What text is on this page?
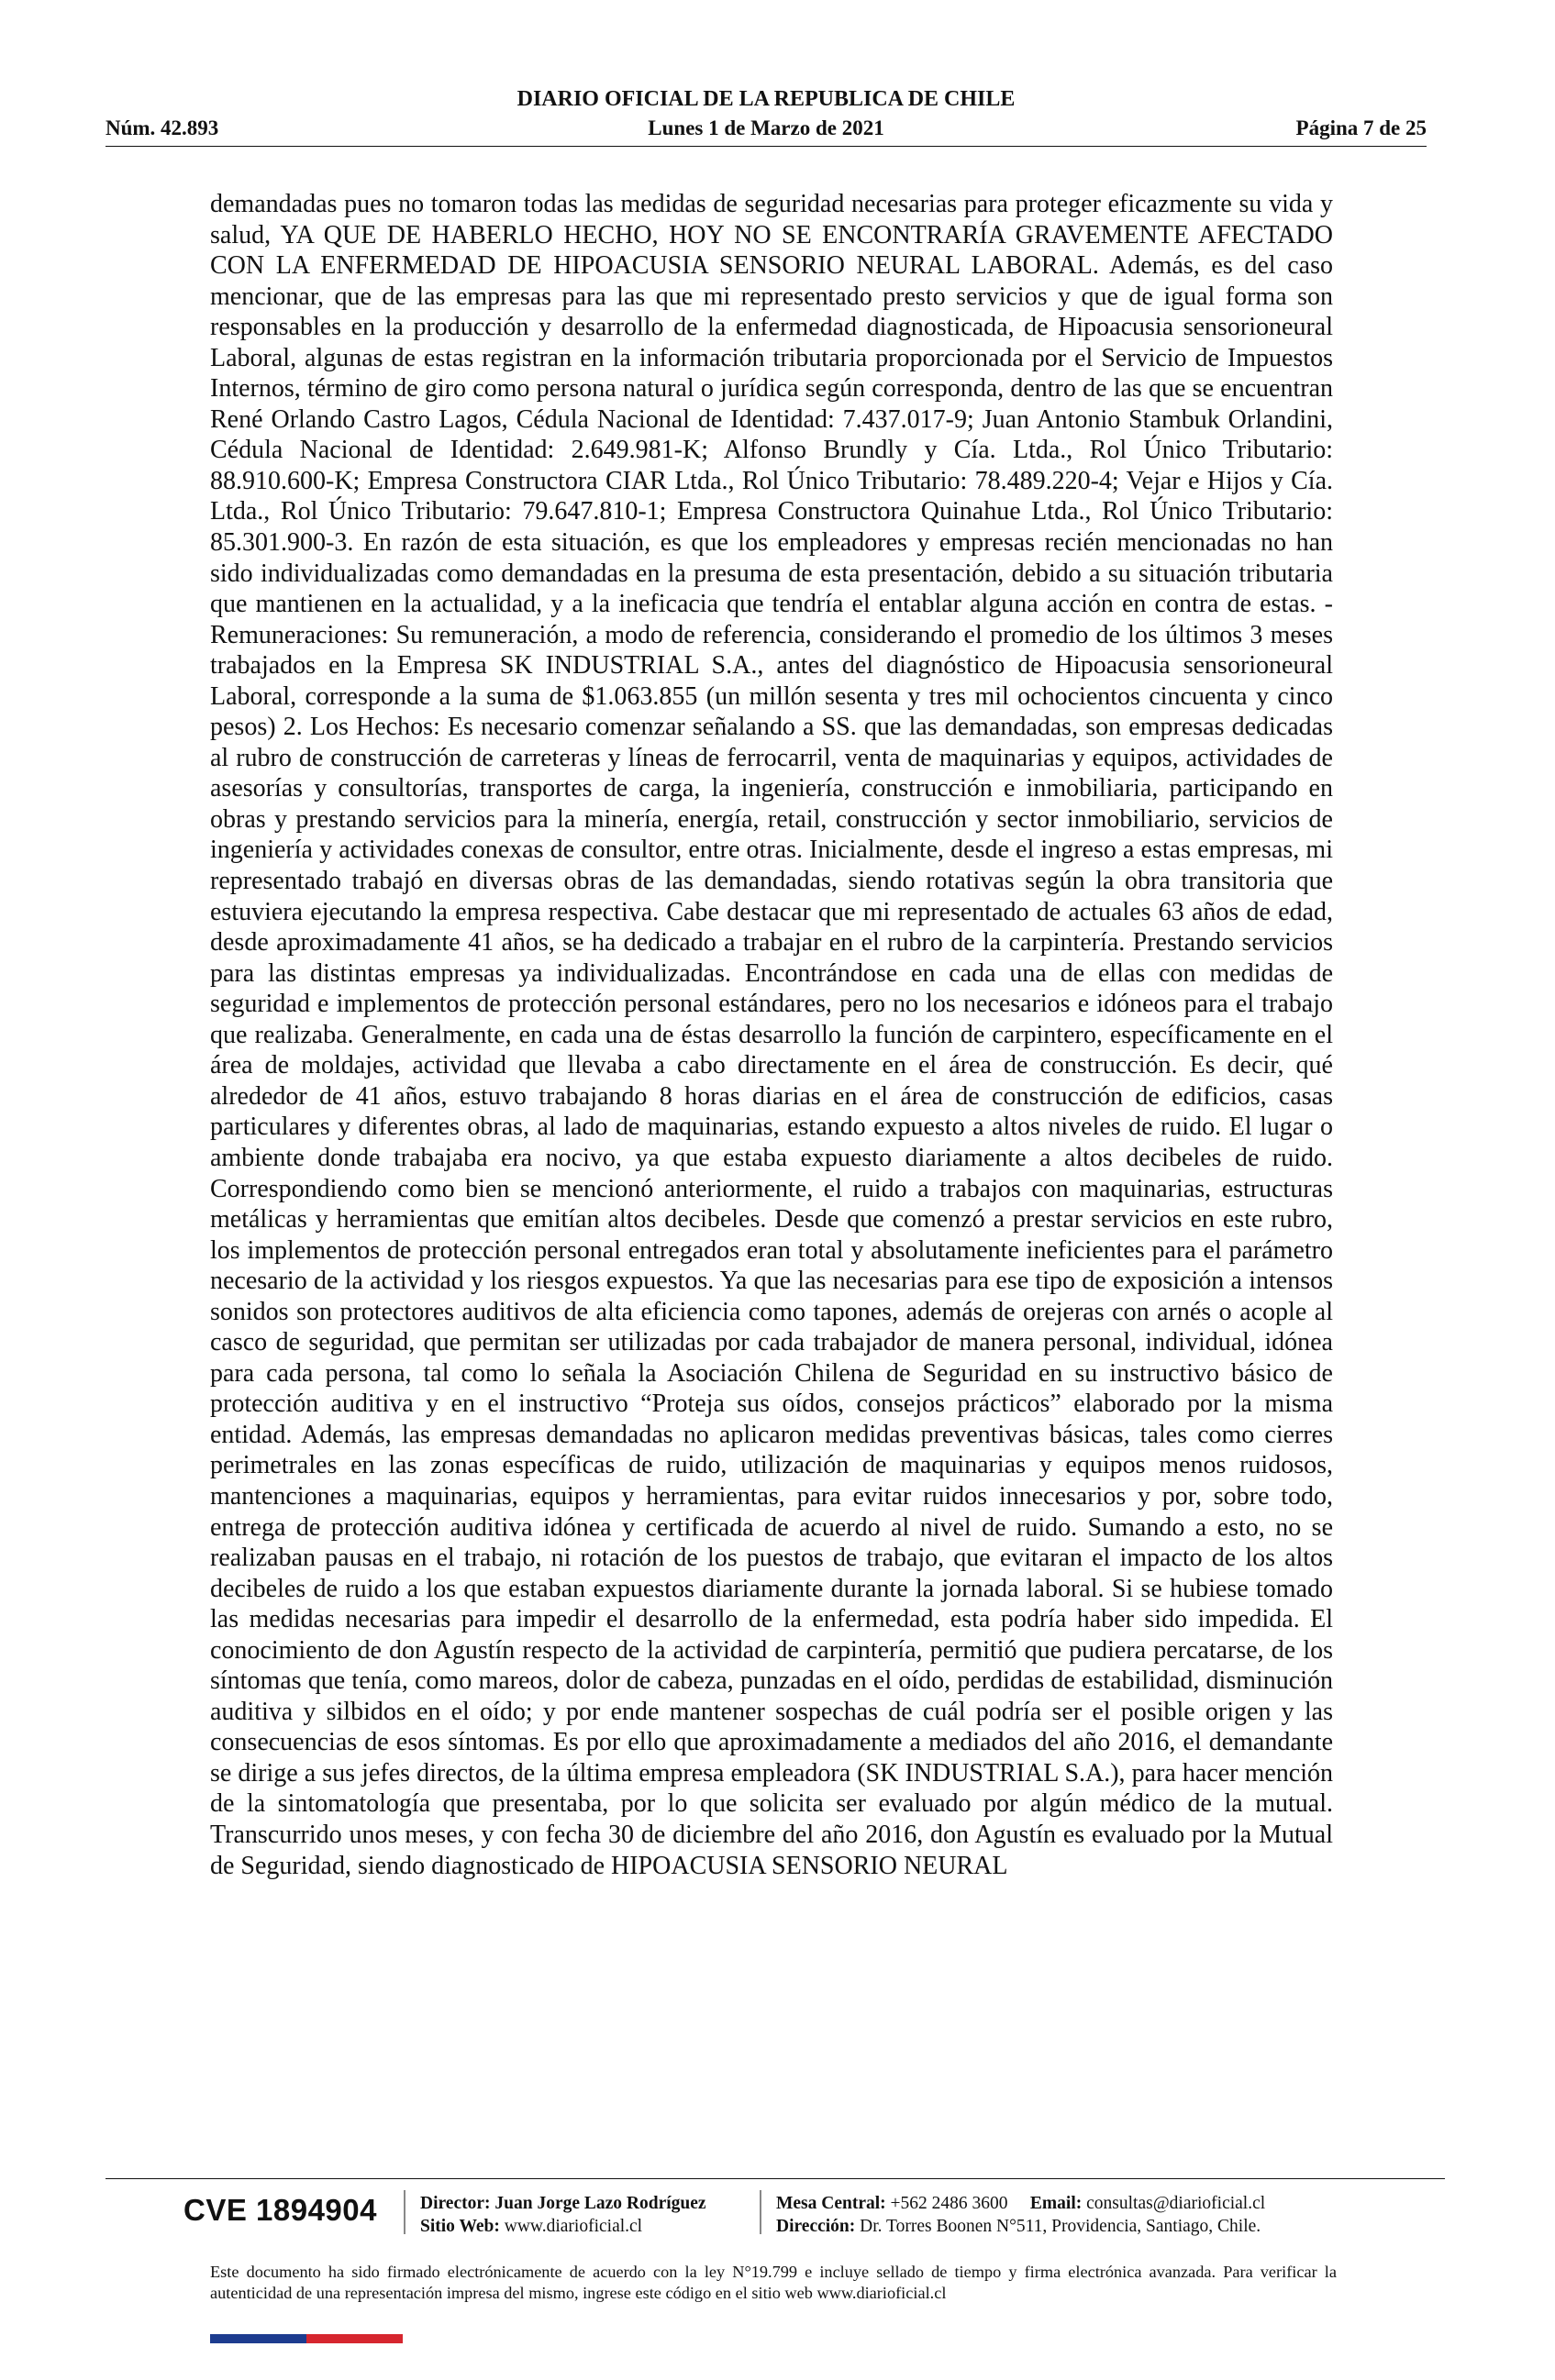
DIARIO OFICIAL DE LA REPUBLICA DE CHILE
Núm. 42.893	Lunes 1 de Marzo de 2021	Página 7 de 25

demandadas pues no tomaron todas las medidas de seguridad necesarias para proteger eficazmente su vida y salud, YA QUE DE HABERLO HECHO, HOY NO SE ENCONTRARÍA GRAVEMENTE AFECTADO CON LA ENFERMEDAD DE HIPOACUSIA SENSORIO NEURAL LABORAL. Además, es del caso mencionar, que de las empresas para las que mi representado presto servicios y que de igual forma son responsables en la producción y desarrollo de la enfermedad diagnosticada, de Hipoacusia sensorioneural Laboral, algunas de estas registran en la información tributaria proporcionada por el Servicio de Impuestos Internos, término de giro como persona natural o jurídica según corresponda, dentro de las que se encuentran René Orlando Castro Lagos, Cédula Nacional de Identidad: 7.437.017-9; Juan Antonio Stambuk Orlandini, Cédula Nacional de Identidad: 2.649.981-K; Alfonso Brundly y Cía. Ltda., Rol Único Tributario: 88.910.600-K; Empresa Constructora CIAR Ltda., Rol Único Tributario: 78.489.220-4; Vejar e Hijos y Cía. Ltda., Rol Único Tributario: 79.647.810-1; Empresa Constructora Quinahue Ltda., Rol Único Tributario: 85.301.900-3. En razón de esta situación, es que los empleadores y empresas recién mencionadas no han sido individualizadas como demandadas en la presuma de esta presentación, debido a su situación tributaria que mantienen en la actualidad, y a la ineficacia que tendría el entablar alguna acción en contra de estas. - Remuneraciones: Su remuneración, a modo de referencia, considerando el promedio de los últimos 3 meses trabajados en la Empresa SK INDUSTRIAL S.A., antes del diagnóstico de Hipoacusia sensorioneural Laboral, corresponde a la suma de $1.063.855 (un millón sesenta y tres mil ochocientos cincuenta y cinco pesos) 2. Los Hechos: Es necesario comenzar señalando a SS. que las demandadas, son empresas dedicadas al rubro de construcción de carreteras y líneas de ferrocarril, venta de maquinarias y equipos, actividades de asesorías y consultorías, transportes de carga, la ingeniería, construcción e inmobiliaria, participando en obras y prestando servicios para la minería, energía, retail, construcción y sector inmobiliario, servicios de ingeniería y actividades conexas de consultor, entre otras. Inicialmente, desde el ingreso a estas empresas, mi representado trabajó en diversas obras de las demandadas, siendo rotativas según la obra transitoria que estuviera ejecutando la empresa respectiva. Cabe destacar que mi representado de actuales 63 años de edad, desde aproximadamente 41 años, se ha dedicado a trabajar en el rubro de la carpintería. Prestando servicios para las distintas empresas ya individualizadas. Encontrándose en cada una de ellas con medidas de seguridad e implementos de protección personal estándares, pero no los necesarios e idóneos para el trabajo que realizaba. Generalmente, en cada una de éstas desarrollo la función de carpintero, específicamente en el área de moldajes, actividad que llevaba a cabo directamente en el área de construcción. Es decir, qué alrededor de 41 años, estuvo trabajando 8 horas diarias en el área de construcción de edificios, casas particulares y diferentes obras, al lado de maquinarias, estando expuesto a altos niveles de ruido. El lugar o ambiente donde trabajaba era nocivo, ya que estaba expuesto diariamente a altos decibeles de ruido. Correspondiendo como bien se mencionó anteriormente, el ruido a trabajos con maquinarias, estructuras metálicas y herramientas que emitían altos decibeles. Desde que comenzó a prestar servicios en este rubro, los implementos de protección personal entregados eran total y absolutamente ineficientes para el parámetro necesario de la actividad y los riesgos expuestos. Ya que las necesarias para ese tipo de exposición a intensos sonidos son protectores auditivos de alta eficiencia como tapones, además de orejeras con arnés o acople al casco de seguridad, que permitan ser utilizadas por cada trabajador de manera personal, individual, idónea para cada persona, tal como lo señala la Asociación Chilena de Seguridad en su instructivo básico de protección auditiva y en el instructivo “Proteja sus oídos, consejos prácticos” elaborado por la misma entidad. Además, las empresas demandadas no aplicaron medidas preventivas básicas, tales como cierres perimetrales en las zonas específicas de ruido, utilización de maquinarias y equipos menos ruidosos, mantenciones a maquinarias, equipos y herramientas, para evitar ruidos innecesarios y por, sobre todo, entrega de protección auditiva idónea y certificada de acuerdo al nivel de ruido. Sumando a esto, no se realizaban pausas en el trabajo, ni rotación de los puestos de trabajo, que evitaran el impacto de los altos decibeles de ruido a los que estaban expuestos diariamente durante la jornada laboral. Si se hubiese tomado las medidas necesarias para impedir el desarrollo de la enfermedad, esta podría haber sido impedida. El conocimiento de don Agustín respecto de la actividad de carpintería, permitió que pudiera percatarse, de los síntomas que tenía, como mareos, dolor de cabeza, punzadas en el oído, perdidas de estabilidad, disminución auditiva y silbidos en el oído; y por ende mantener sospechas de cuál podría ser el posible origen y las consecuencias de esos síntomas. Es por ello que aproximadamente a mediados del año 2016, el demandante se dirige a sus jefes directos, de la última empresa empleadora (SK INDUSTRIAL S.A.), para hacer mención de la sintomatología que presentaba, por lo que solicita ser evaluado por algún médico de la mutual. Transcurrido unos meses, y con fecha 30 de diciembre del año 2016, don Agustín es evaluado por la Mutual de Seguridad, siendo diagnosticado de HIPOACUSIA SENSORIO NEURAL

CVE 1894904 Director: Juan Jorge Lazo Rodríguez
Sitio Web: www.diarioficial.cl
Mesa Central: +562 2486 3600 Email: consultas@diarioficial.cl
Dirección: Dr. Torres Boonen N°511, Providencia, Santiago, Chile.
Este documento ha sido firmado electrónicamente de acuerdo con la ley N°19.799 e incluye sellado de tiempo y firma electrónica avanzada. Para verificar la autenticidad de una representación impresa del mismo, ingrese este código en el sitio web www.diarioficial.cl
